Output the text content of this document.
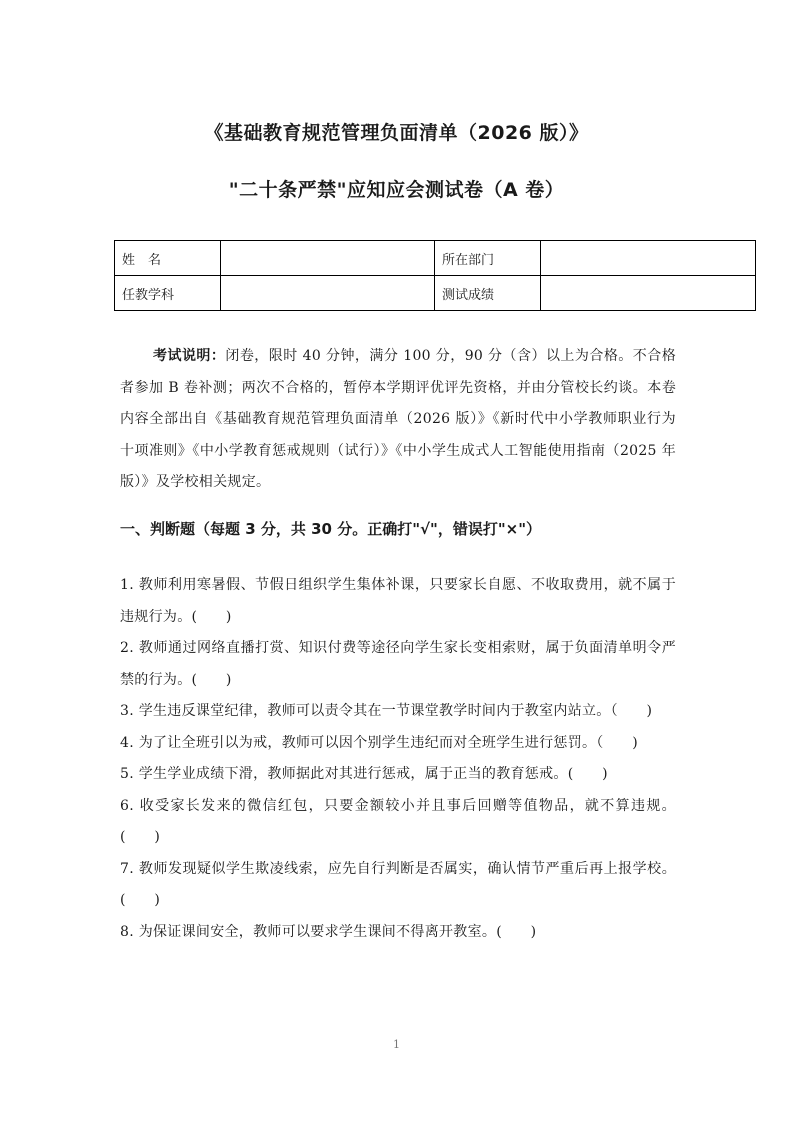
《基础教育规范管理负面清单（2026 版）》
"二十条严禁"应知应会测试卷（A 卷）
姓　名		所在部门	
任教学科		测试成绩	
考试说明：闭卷，限时 40 分钟，满分 100 分，90 分（含）以上为合格。不合格者参加 B 卷补测；两次不合格的，暂停本学期评优评先资格，并由分管校长约谈。本卷内容全部出自《基础教育规范管理负面清单（2026 版）》《新时代中小学教师职业行为十项准则》《中小学教育惩戒规则（试行）》《中小学生成式人工智能使用指南（2025 年版）》及学校相关规定。
一、判断题（每题 3 分，共 30 分。正确打"√"，错误打"×"）
1. 教师利用寒暑假、节假日组织学生集体补课，只要家长自愿、不收取费用，就不属于违规行为。(　　)
2. 教师通过网络直播打赏、知识付费等途径向学生家长变相索财，属于负面清单明令严禁的行为。(　　)
3. 学生违反课堂纪律，教师可以责令其在一节课堂教学时间内于教室内站立。（　　)
4. 为了让全班引以为戒，教师可以因个别学生违纪而对全班学生进行惩罚。（　　)
5. 学生学业成绩下滑，教师据此对其进行惩戒，属于正当的教育惩戒。(　　)
6. 收受家长发来的微信红包，只要金额较小并且事后回赠等值物品，就不算违规。(　　)
7. 教师发现疑似学生欺凌线索，应先自行判断是否属实，确认情节严重后再上报学校。(　　)
8. 为保证课间安全，教师可以要求学生课间不得离开教室。(　　)
1
